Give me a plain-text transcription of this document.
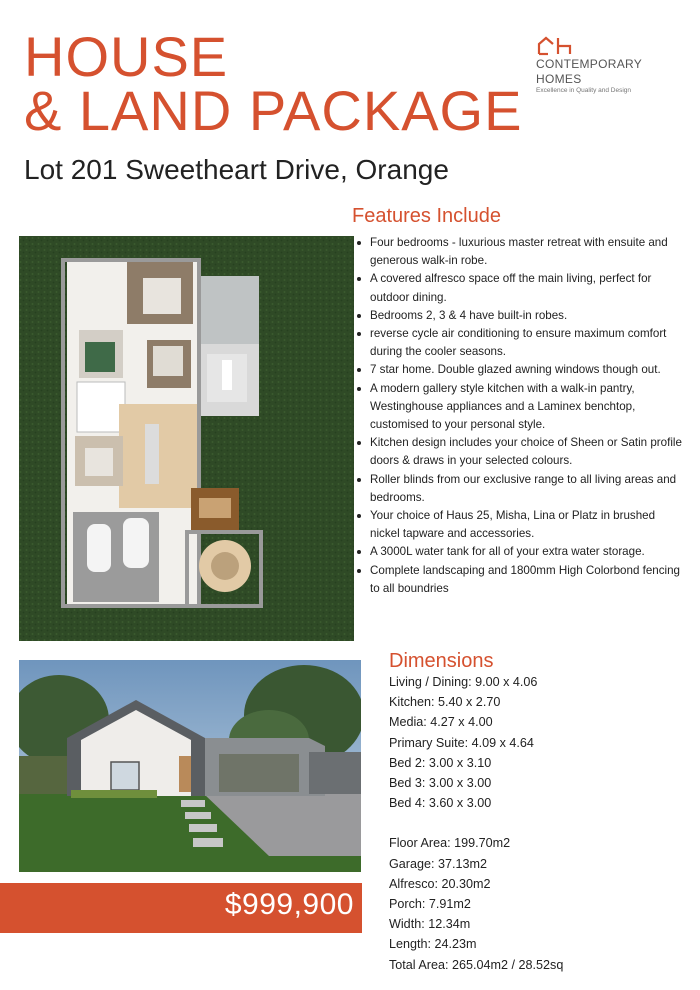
HOUSE
& LAND PACKAGE
Lot 201 Sweetheart Drive, Orange
CONTEMPORARY
HOMES
Excellence in Quality and Design
Features Include
Four bedrooms - luxurious master retreat with ensuite and generous walk-in robe.
A covered alfresco space off the main living, perfect for outdoor dining.
Bedrooms 2, 3 & 4 have built-in robes.
reverse cycle air conditioning to ensure maximum comfort during the cooler seasons.
7 star home. Double glazed awning windows though out.
A modern gallery style kitchen with a walk-in pantry, Westinghouse appliances and a Laminex benchtop, customised to your personal style.
Kitchen design includes your choice of Sheen or Satin profile doors & draws in your selected colours.
Roller blinds from our exclusive range to all living areas and bedrooms.
Your choice of Haus 25, Misha, Lina or Platz in brushed nickel tapware and accessories.
A 3000L water tank for all of your extra water storage.
Complete landscaping and 1800mm High Colorbond fencing to all boundries
$999,900
Dimensions
Living / Dining: 9.00 x 4.06
Kitchen: 5.40 x 2.70
Media: 4.27 x 4.00
Primary Suite: 4.09 x 4.64
Bed 2: 3.00 x 3.10
Bed 3: 3.00 x 3.00
Bed 4: 3.60 x 3.00
Floor Area: 199.70m2
Garage: 37.13m2
Alfresco: 20.30m2
Porch: 7.91m2
Width: 12.34m
Length: 24.23m
Total Area: 265.04m2 / 28.52sq
